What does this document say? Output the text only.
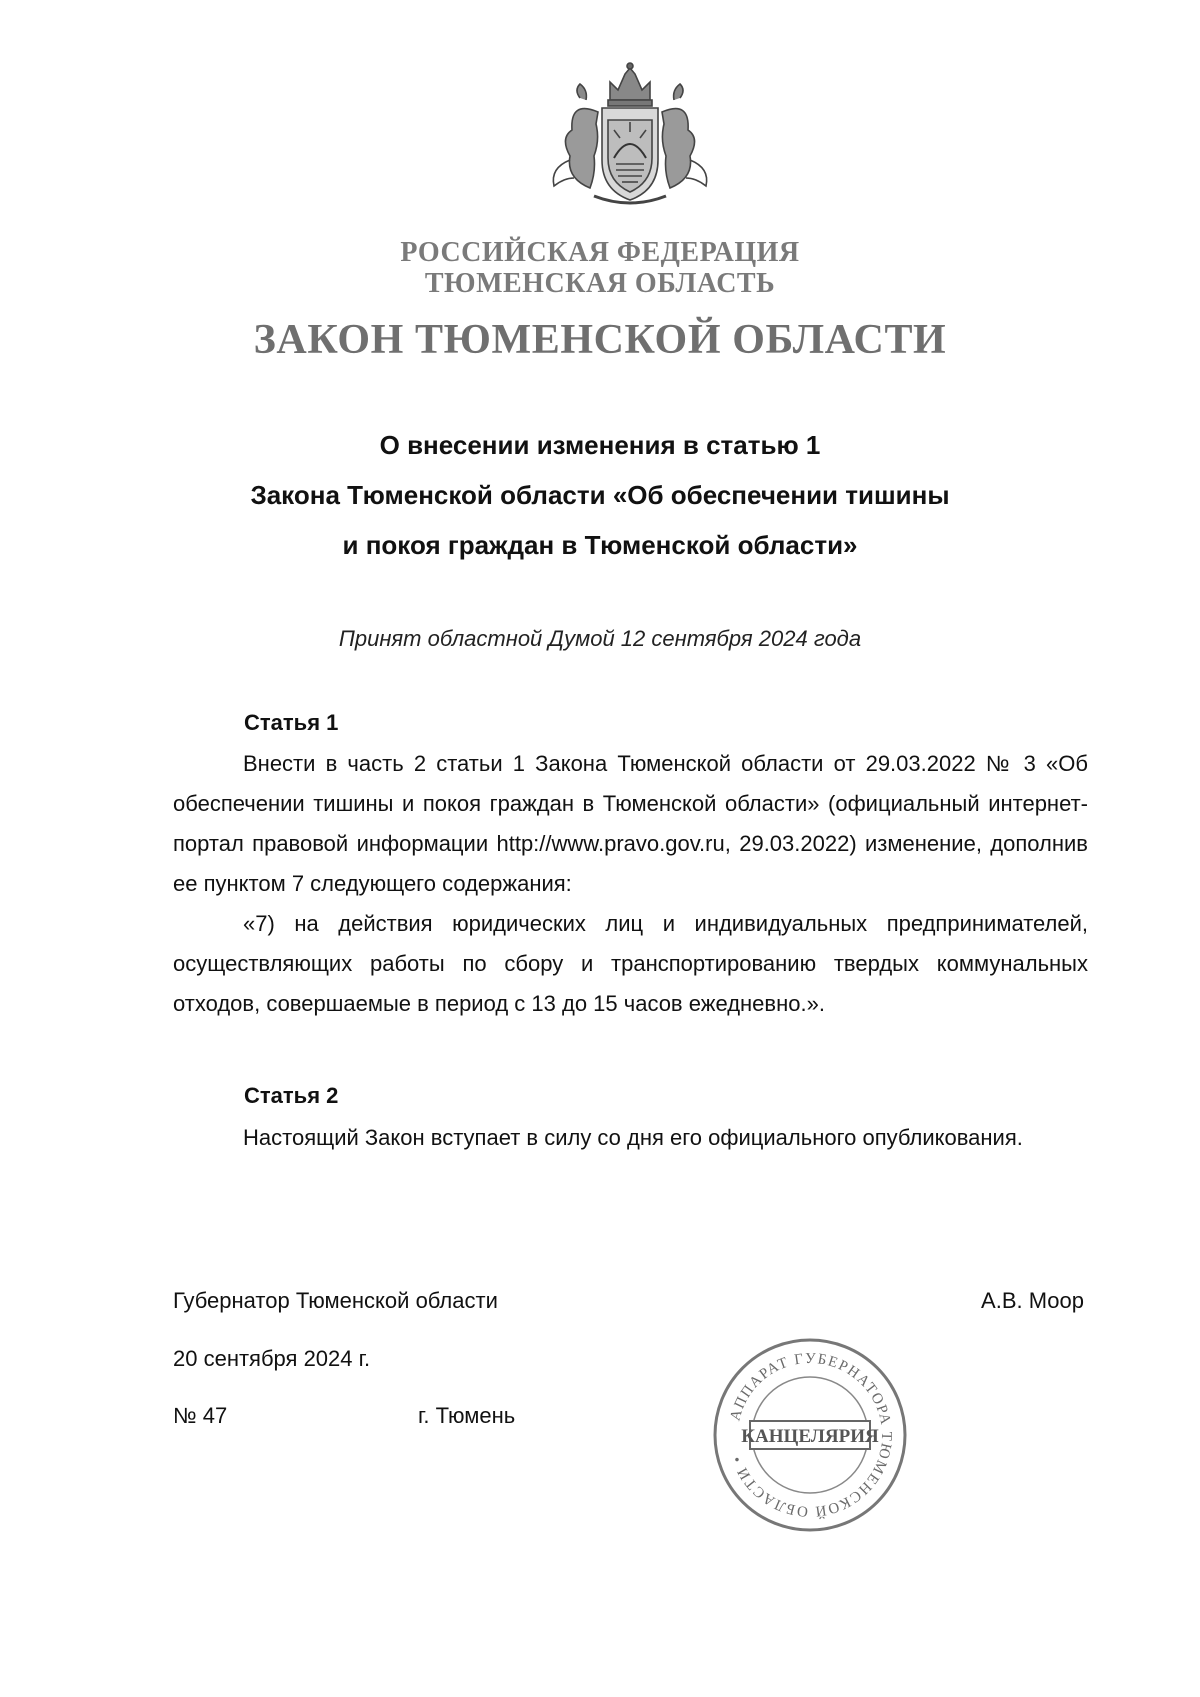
РОССИЙСКАЯ ФЕДЕРАЦИЯ
ТЮМЕНСКАЯ ОБЛАСТЬ
ЗАКОН ТЮМЕНСКОЙ ОБЛАСТИ
О внесении изменения в статью 1
Закона Тюменской области «Об обеспечении тишины
и покоя граждан в Тюменской области»
Принят областной Думой 12 сентября 2024 года
Статья 1
Внести в часть 2 статьи 1 Закона Тюменской области от 29.03.2022 № 3 «Об обеспечении тишины и покоя граждан в Тюменской области» (официальный интернет-портал правовой информации http://www.pravo.gov.ru, 29.03.2022) изменение, дополнив ее пунктом 7 следующего содержания:
«7) на действия юридических лиц и индивидуальных предпринимателей, осуществляющих работы по сбору и транспортированию твердых коммунальных отходов, совершаемые в период с 13 до 15 часов ежедневно.».
Статья 2
Настоящий Закон вступает в силу со дня его официального опубликования.
Губернатор Тюменской области	А.В. Моор
20 сентября 2024 г.
№ 47	г. Тюмень	АППАРАТ ГУБЕРНАТОРА ТЮМЕНСКОЙ ОБЛАСТИ •
КАНЦЕЛЯРИЯ
